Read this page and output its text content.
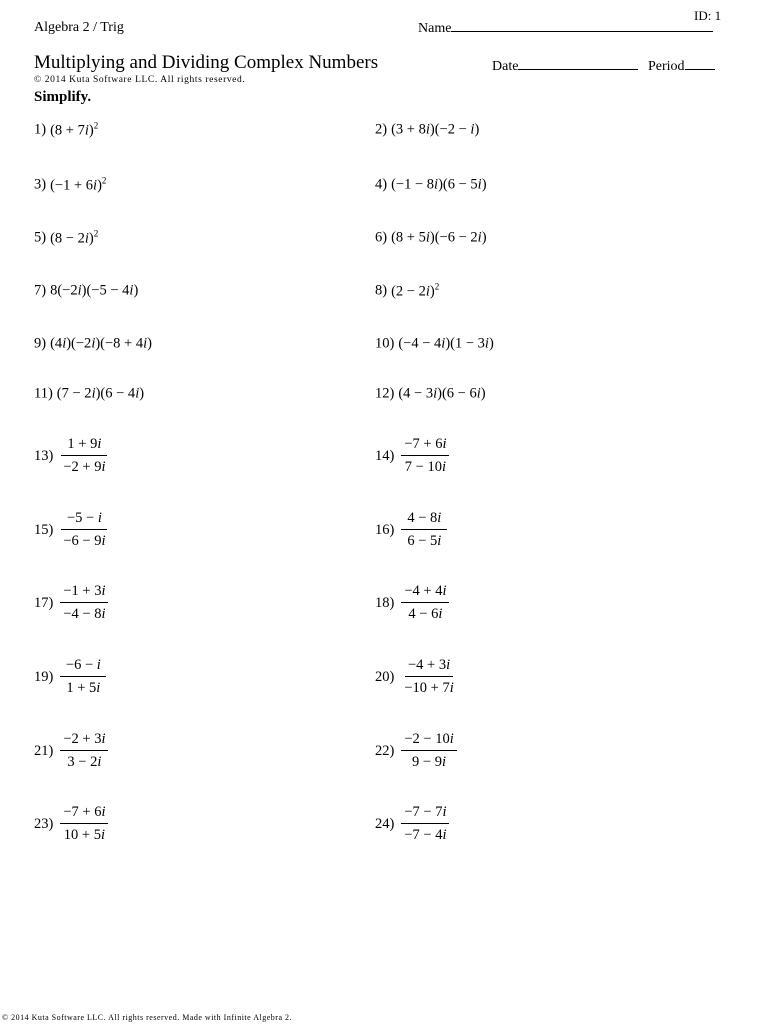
Algebra 2 / Trig
ID: 1
Name
Multiplying and Dividing Complex Numbers
© 2014 Kuta Software LLC. All rights reserved.
Date	Period
Simplify.
1) $(8 + 7i)^2$	2) (3 + 8i)(−2 − i)
3) $(-1 + 6i)^2$	4) (−1 − 8i)(6 − 5i)
5) $(8 - 2i)^2$	6) (8 + 5i)(−6 − 2i)
7) 8(−2i)(−5 − 4i)	8) $(2 - 2i)^2$
9) (4i)(−2i)(−8 + 4i)	10) (−4 − 4i)(1 − 3i)
11) (7 − 2i)(6 − 4i)	12) (4 − 3i)(6 − 6i)
$13) \frac{1 + 9i}{-2 + 9i}$	$14) \frac{-7 + 6i}{7 - 10i}$
$15) \frac{-5 - i}{-6 - 9i}$	$16) \frac{4 - 8i}{6 - 5i}$
$17) \frac{-1 + 3i}{-4 - 8i}$	$18) \frac{-4 + 4i}{4 - 6i}$
$19) \frac{-6 - i}{1 + 5i}$	$20) \frac{-4 + 3i}{-10 + 7i}$
$21) \frac{-2 + 3i}{3 - 2i}$	$22) \frac{-2 - 10i}{9 - 9i}$
$23) \frac{-7 + 6i}{10 + 5i}$	$24) \frac{-7 - 7i}{-7 - 4i}$
© 2014 Kuta Software LLC. All rights reserved. Made with Infinite Algebra 2.
